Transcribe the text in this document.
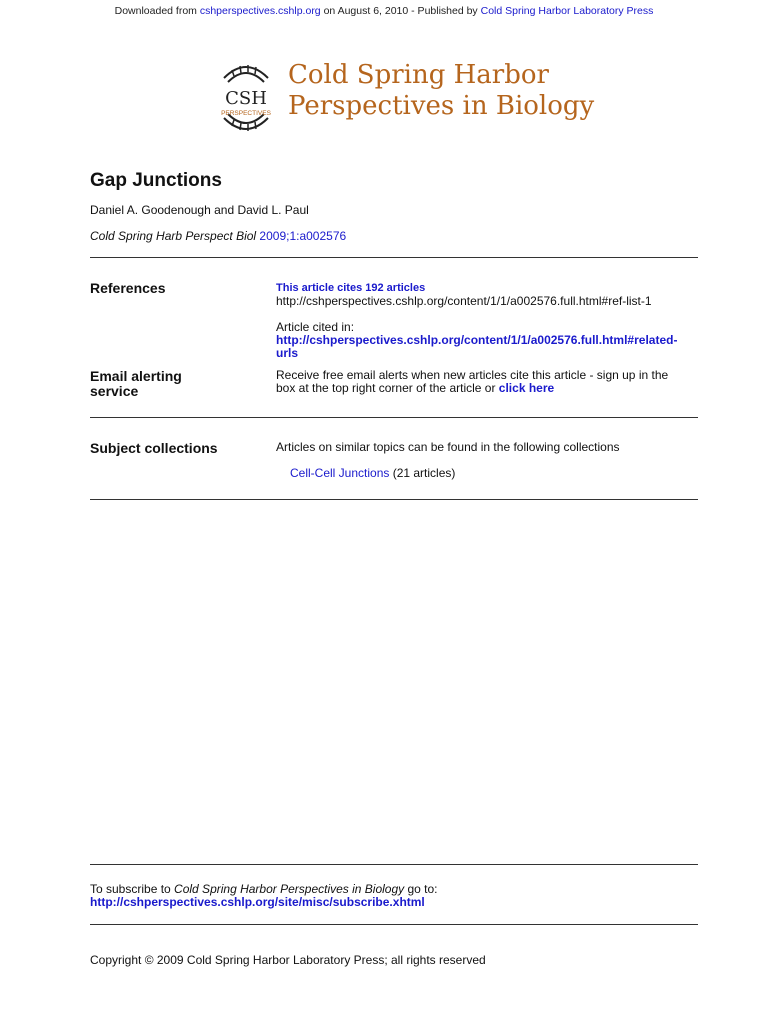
Downloaded from cshperspectives.cshlp.org on August 6, 2010 - Published by Cold Spring Harbor Laboratory Press
CSH
PERSPECTIVES
Cold Spring Harbor
Perspectives in Biology
Gap Junctions
Daniel A. Goodenough and David L. Paul
Cold Spring Harb Perspect Biol 2009;1:a002576
References	This article cites 192 articles
http://cshperspectives.cshlp.org/content/1/1/a002576.full.html#ref-list-1
Article cited in:
http://cshperspectives.cshlp.org/content/1/1/a002576.full.html#related-
urls
Email alerting
service
Receive free email alerts when new articles cite this article - sign up in the
box at the top right corner of the article or click here
Subject collections	Articles on similar topics can be found in the following collections
Cell-Cell Junctions (21 articles)
To subscribe to Cold Spring Harbor Perspectives in Biology go to:
http://cshperspectives.cshlp.org/site/misc/subscribe.xhtml
Copyright © 2009 Cold Spring Harbor Laboratory Press; all rights reserved
